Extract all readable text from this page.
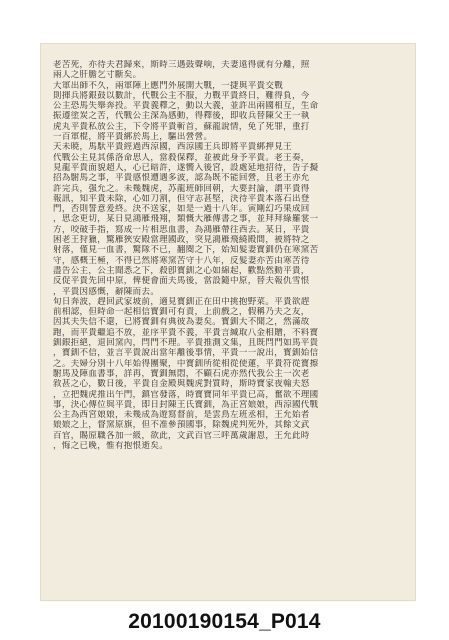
老苦死，亦待夫君歸來，斯時三遇鼓聲响，夫妻遠得就有分離，照
兩人之肝膽乞寸斷矣。
大軍出師不久，兩軍陣上應門外展開大戰，一捷與平貴交戰
則揮兵將銀鼓以數計，代戰公主不服，力戰平貴終日，難得負，今
公主恐馬失舉奔投。平貴義釋之，動以大義，並許出兩國相互，生命
振遵塗炭之苦，代戰公主深為感動，得釋後，即收兵替陳父王一執
虎丸平貴私放公主，下令將平貴斬首，蘇龍說情，免了死罪，重打
一百軍棍，將平貴綁於馬上，驅出營營。
天未暁，馬馱平貴經過西涼國，西涼國王兵即將平貴綁押見王
代戰公主見其係洛命思人，當殺保釋，並被此身予平貴。老王奏，
見龍平貴面貌超人，心已暗許，遂嚮入後宮，設處延地招待，告子擬
招為駙馬之事，平貴感恨遭遇多波，認為既不能回營，且老王亦允
許完兵，强允之。未幾魏虎，苏龍班師回朝，大要封論，謂平貴得
報訊，知平貴未除，心如刀割，但守志甚堅，決待平貴本落石出登
門，否則誓意爰終。決不送家，如是一過十八年。寅剛幻巧果成回
，思念更切，某日見鴻雁飛翔，類慨大雁傳書之事，並拜拜綠羅裳一
方，咬破手指，寫成一片相思血書，為鴻雁帶往西去。某日，平貴
困老王狩獵，驚雁狹安殿當理國政，突見鴻雁飛繞殿間，被將特之
射落，僅見一血書，驚隊不已，翻閱之下，始知髮妻寳釧仍在寒窯苦
守，感概王極，不得已然將寒窯苦守十八年，反髮妻亦苦由寒苦待
盡告公主，公主聞悉之下，殺卽寳釧之心如綿起，歡點然動平貴，
反促平貴先回中原，俾便會面夫馬後，當設隨中原，替夫報仇雪恨
，平貴因感慨，辭陳而去。
旬日奔波，趕回武家坡前，適見寳釧正在田中挑抱野菜。平貴欲趕
前相認，但時命一起相信寳釧可有責，上前戲之，假稱乃夫之友，
因其夫失信不還，已將寳釧有典彼為妻矣。寳釧大不聞之，然滿故
跑，而平貴繼追不放，並序平貴不義，平貴言緘取八金相贈，不料寳
釧銀拒絕，退回窯內，閂門不理。平貴推測文集，且既閂門如馬平貴
，寳釧不信，並言平貴說出當年離後事情，平貴一一說出，寳釧始信
之。夫婦分別十八年始得團聚，中寳釧所從相從使蓮，平貴符從寳擦
駙馬及陣血書事，詳再，寳釧無悶，不顧石虎亦然代我公主一次老
敘甚之心，數日後，平貴自金殿與魏虎對質時，斯時寶家夜翰夫怒
，立把魏虎推出午門，鎮官發落，時寳寶同年平貴已高，奮欲不理國
事，決心傳位與平貴，即日封陳王氏寳釧，為正宮娘娘，西涼國代戰
公主為西宮娘娘，未幾成為遊寫督前，是雲鳥左班丞相，王允始者
娘娘之上，督窯原旗，但不准參預國事，除魏虎判死外，其餘文武
百官，賜原職各加一級，欲此，文武百官三呼萬歲謝恩，王允此時
，悔之已晚，惟有抱恨逝矣。
20100190154_P014
